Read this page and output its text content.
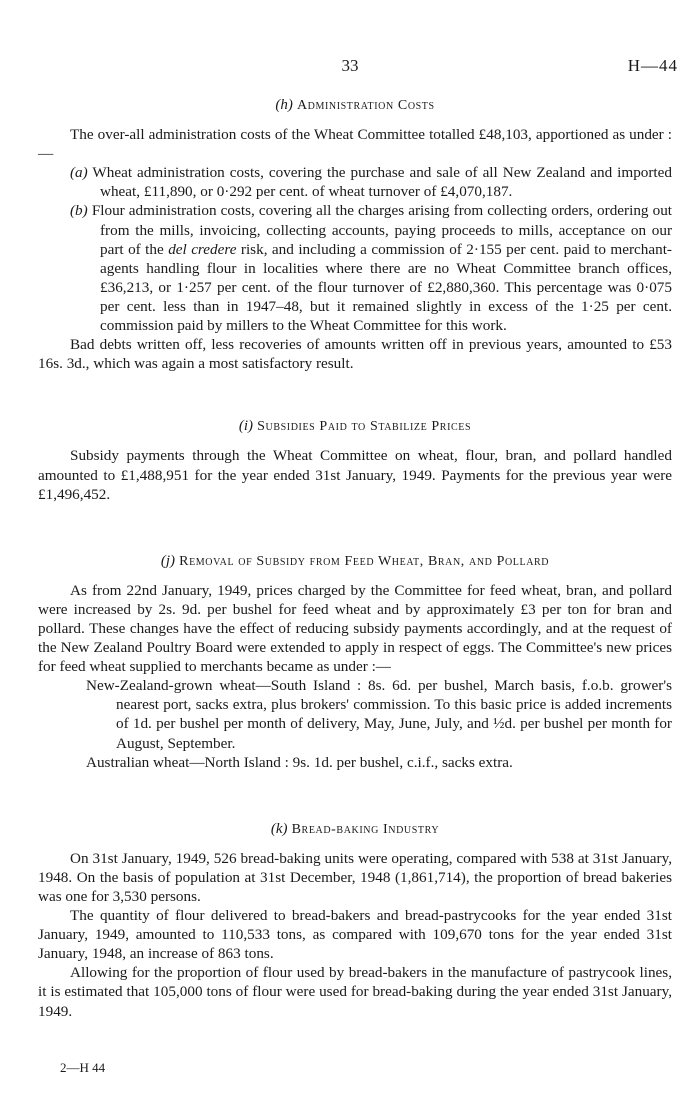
33	H—44
(h) Administration Costs

The over-all administration costs of the Wheat Committee totalled £48,103, apportioned as under :—

(a) Wheat administration costs, covering the purchase and sale of all New Zealand and imported wheat, £11,890, or 0·292 per cent. of wheat turnover of £4,070,187.

(b) Flour administration costs, covering all the charges arising from collecting orders, ordering out from the mills, invoicing, collecting accounts, paying proceeds to mills, acceptance on our part of the del credere risk, and including a commission of 2·155 per cent. paid to merchant-agents handling flour in localities where there are no Wheat Committee branch offices, £36,213, or 1·257 per cent. of the flour turnover of £2,880,360. This percentage was 0·075 per cent. less than in 1947–48, but it remained slightly in excess of the 1·25 per cent. commission paid by millers to the Wheat Committee for this work.

Bad debts written off, less recoveries of amounts written off in previous years, amounted to £53 16s. 3d., which was again a most satisfactory result.

(i) Subsidies Paid to Stabilize Prices

Subsidy payments through the Wheat Committee on wheat, flour, bran, and pollard handled amounted to £1,488,951 for the year ended 31st January, 1949. Payments for the previous year were £1,496,452.

(j) Removal of Subsidy from Feed Wheat, Bran, and Pollard

As from 22nd January, 1949, prices charged by the Committee for feed wheat, bran, and pollard were increased by 2s. 9d. per bushel for feed wheat and by approximately £3 per ton for bran and pollard. These changes have the effect of reducing subsidy payments accordingly, and at the request of the New Zealand Poultry Board were extended to apply in respect of eggs. The Committee's new prices for feed wheat supplied to merchants became as under :—

New-Zealand-grown wheat—South Island : 8s. 6d. per bushel, March basis, f.o.b. grower's nearest port, sacks extra, plus brokers' commission. To this basic price is added increments of 1d. per bushel per month of delivery, May, June, July, and ½d. per bushel per month for August, September.

Australian wheat—North Island : 9s. 1d. per bushel, c.i.f., sacks extra.

(k) Bread-baking Industry

On 31st January, 1949, 526 bread-baking units were operating, compared with 538 at 31st January, 1948. On the basis of population at 31st December, 1948 (1,861,714), the proportion of bread bakeries was one for 3,530 persons.

The quantity of flour delivered to bread-bakers and bread-pastrycooks for the year ended 31st January, 1949, amounted to 110,533 tons, as compared with 109,670 tons for the year ended 31st January, 1948, an increase of 863 tons.

Allowing for the proportion of flour used by bread-bakers in the manufacture of pastrycook lines, it is estimated that 105,000 tons of flour were used for bread-baking during the year ended 31st January, 1949.

2—H 44
